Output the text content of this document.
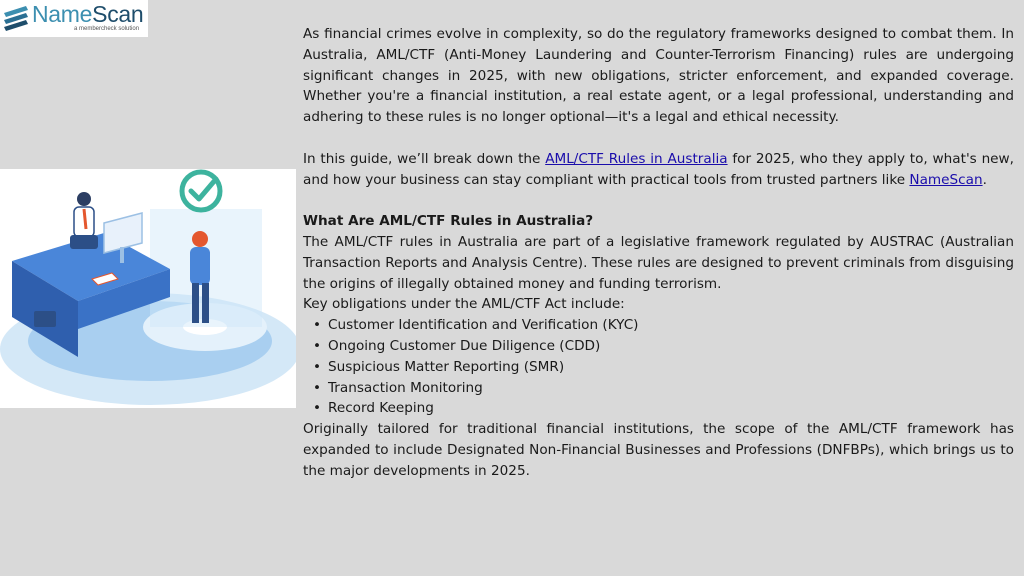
NameScan
a membercheck solution	As financial crimes evolve in complexity, so do the regulatory frameworks designed to combat them. In Australia, AML/CTF (Anti-Money Laundering and Counter-Terrorism Financing) rules are undergoing significant changes in 2025, with new obligations, stricter enforcement, and expanded coverage. Whether you're a financial institution, a real estate agent, or a legal professional, understanding and adhering to these rules is no longer optional—it's a legal and ethical necessity.

In this guide, we’ll break down the AML/CTF Rules in Australia for 2025, who they apply to, what's new, and how your business can stay compliant with practical tools from trusted partners like NameScan.

What Are AML/CTF Rules in Australia?

The AML/CTF rules in Australia are part of a legislative framework regulated by AUSTRAC (Australian Transaction Reports and Analysis Centre). These rules are designed to prevent criminals from disguising the origins of illegally obtained money and funding terrorism.

Key obligations under the AML/CTF Act include:

• Customer Identification and Verification (KYC)
• Ongoing Customer Due Diligence (CDD)
• Suspicious Matter Reporting (SMR)
• Transaction Monitoring
• Record Keeping

Originally tailored for traditional financial institutions, the scope of the AML/CTF framework has expanded to include Designated Non-Financial Businesses and Professions (DNFBPs), which brings us to the major developments in 2025.
